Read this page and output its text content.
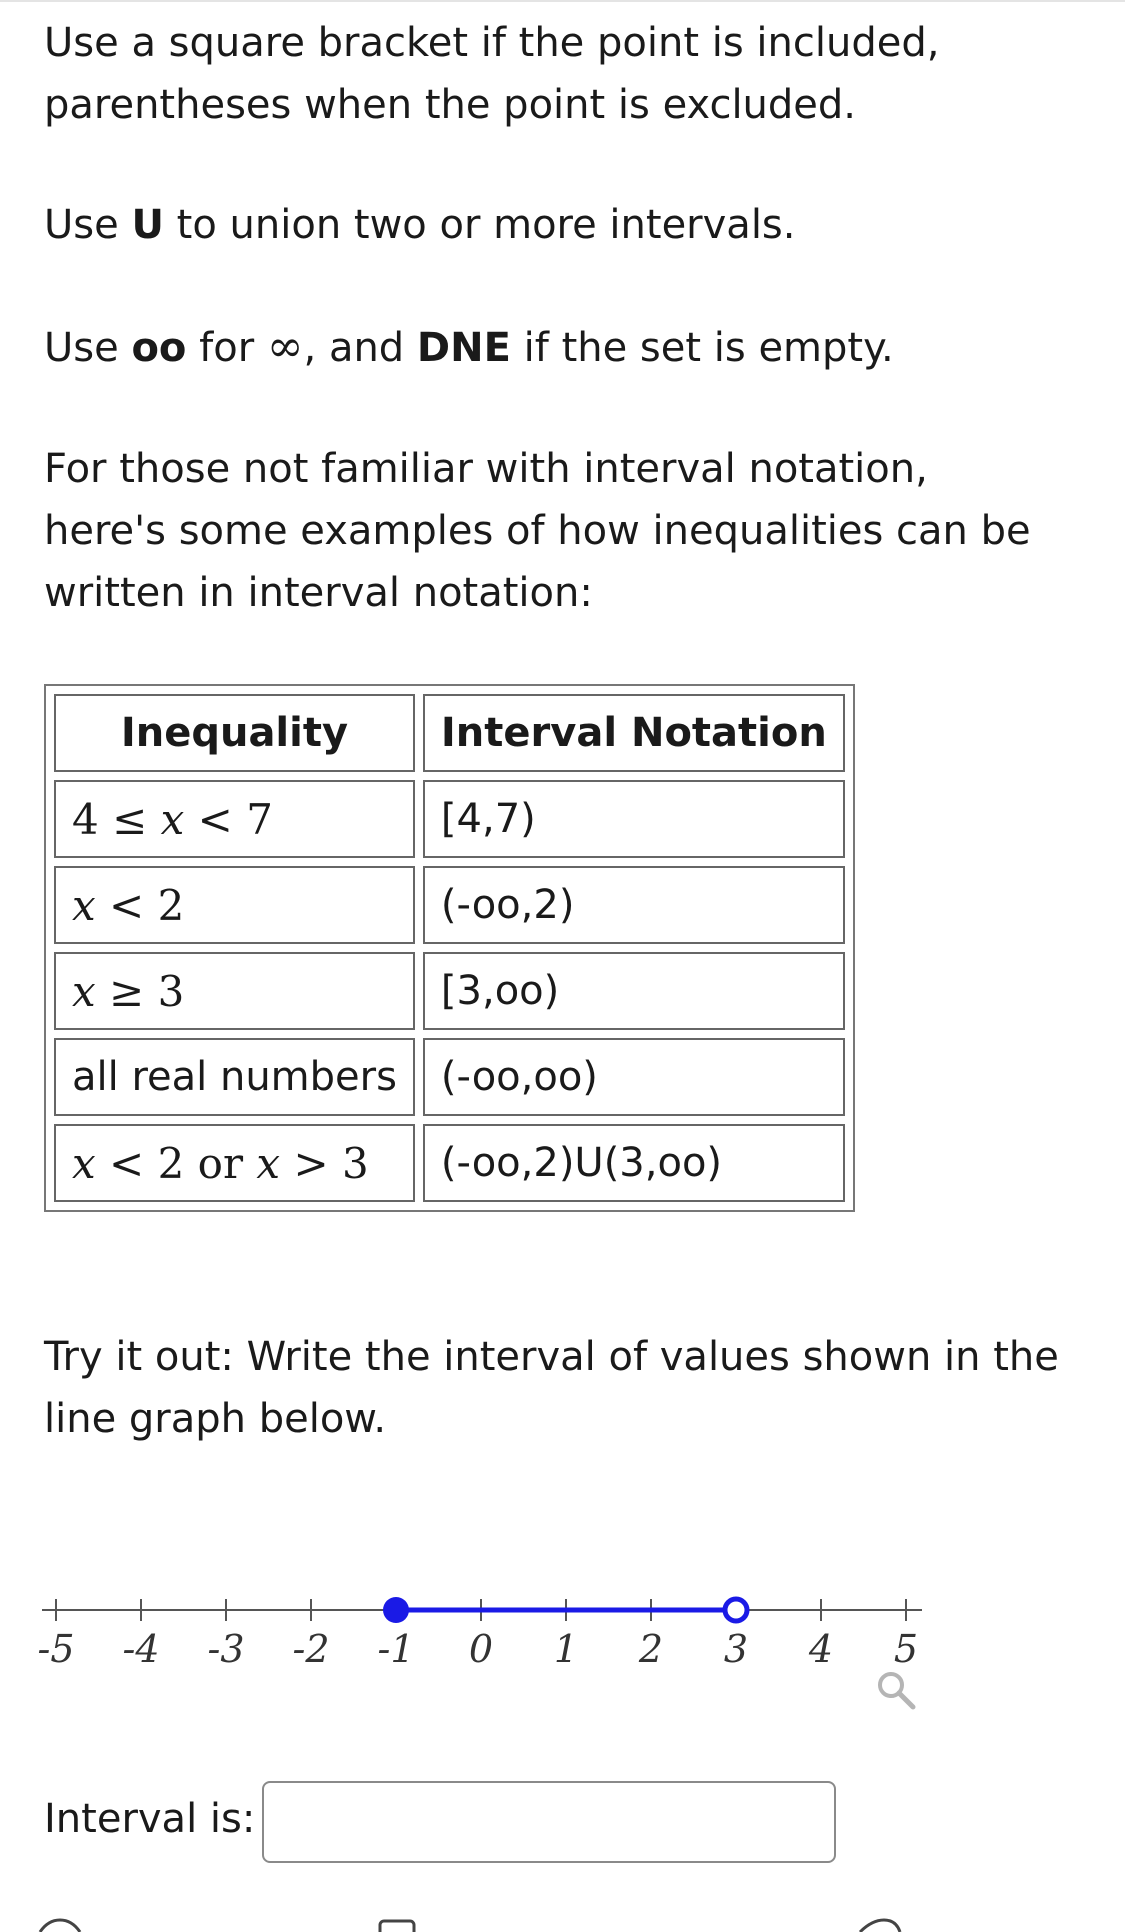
Use a square bracket if the point is included, parentheses when the point is excluded.

Use U to union two or more intervals.

Use oo for ∞, and DNE if the set is empty.

For those not familiar with interval notation, here's some examples of how inequalities can be written in interval notation:

Inequality	Interval Notation
4 ≤ x < 7	[4,7)
x < 2	(-oo,2)
x ≥ 3	[3,oo)
all real numbers	(-oo,oo)
x < 2 or x > 3	(-oo,2)U(3,oo)

Try it out: Write the interval of values shown in the line graph below.

-5 -4 -3 -2 -1 0 1 2 3 4 5
Interval is:
